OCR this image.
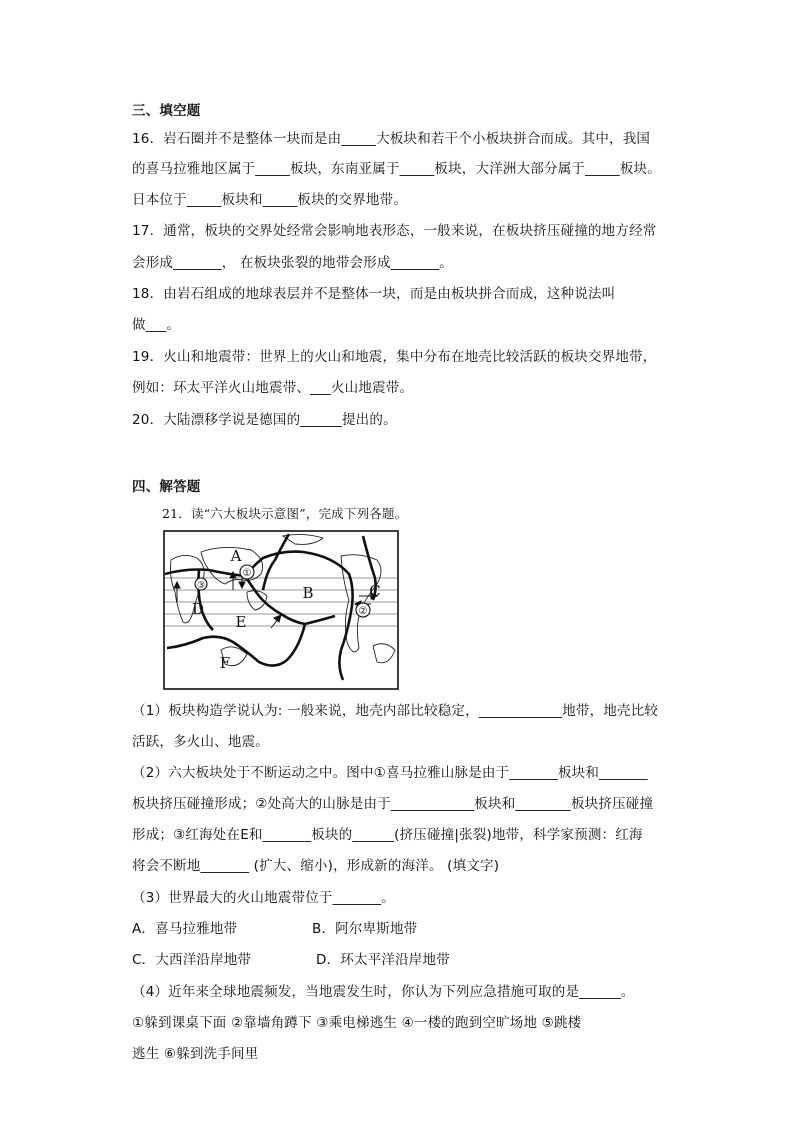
三、填空题
16．岩石圈并不是整体一块而是由_____大板块和若干个小板块拼合而成。其中，我国
的喜马拉雅地区属于_____板块，东南亚属于_____板块，大洋洲大部分属于_____板块。
日本位于_____板块和_____板块的交界地带。
17．通常，板块的交界处经常会影响地表形态，一般来说，在板块挤压碰撞的地方经常
会形成_______， 在板块张裂的地带会形成_______。
18．由岩石组成的地球表层并不是整体一块，而是由板块拼合而成，这种说法叫
做___。
19．火山和地震带：世界上的火山和地震，集中分布在地壳比较活跃的板块交界地带，
例如：环太平洋火山地震带、___火山地震带。
20．大陆漂移学说是德国的______提出的。
四、解答题
21．读“六大板块示意图”，完成下列各题。
①
②
③
A
B	C
D
E
F
（1）板块构造学说认为: 一般来说，地壳内部比较稳定，____________地带，地壳比较
活跃，多火山、地震。
（2）六大板块处于不断运动之中。图中①喜马拉雅山脉是由于_______板块和_______
板块挤压碰撞形成；②处高大的山脉是由于____________板块和________板块挤压碰撞
形成；③红海处在E和_______板块的______(挤压碰撞|张裂)地带，科学家预测：红海
将会不断地_______ (扩大、缩小)，形成新的海洋。 (填文字)
（3）世界最大的火山地震带位于_______。
A．喜马拉雅地带	B．阿尔卑斯地带
C．大西洋沿岸地带	D．环太平洋沿岸地带
（4）近年来全球地震频发，当地震发生时，你认为下列应急措施可取的是______。
①躲到课桌下面 ②靠墙角蹲下 ③乘电梯逃生 ④一楼的跑到空旷场地 ⑤跳楼
逃生 ⑥躲到洗手间里
